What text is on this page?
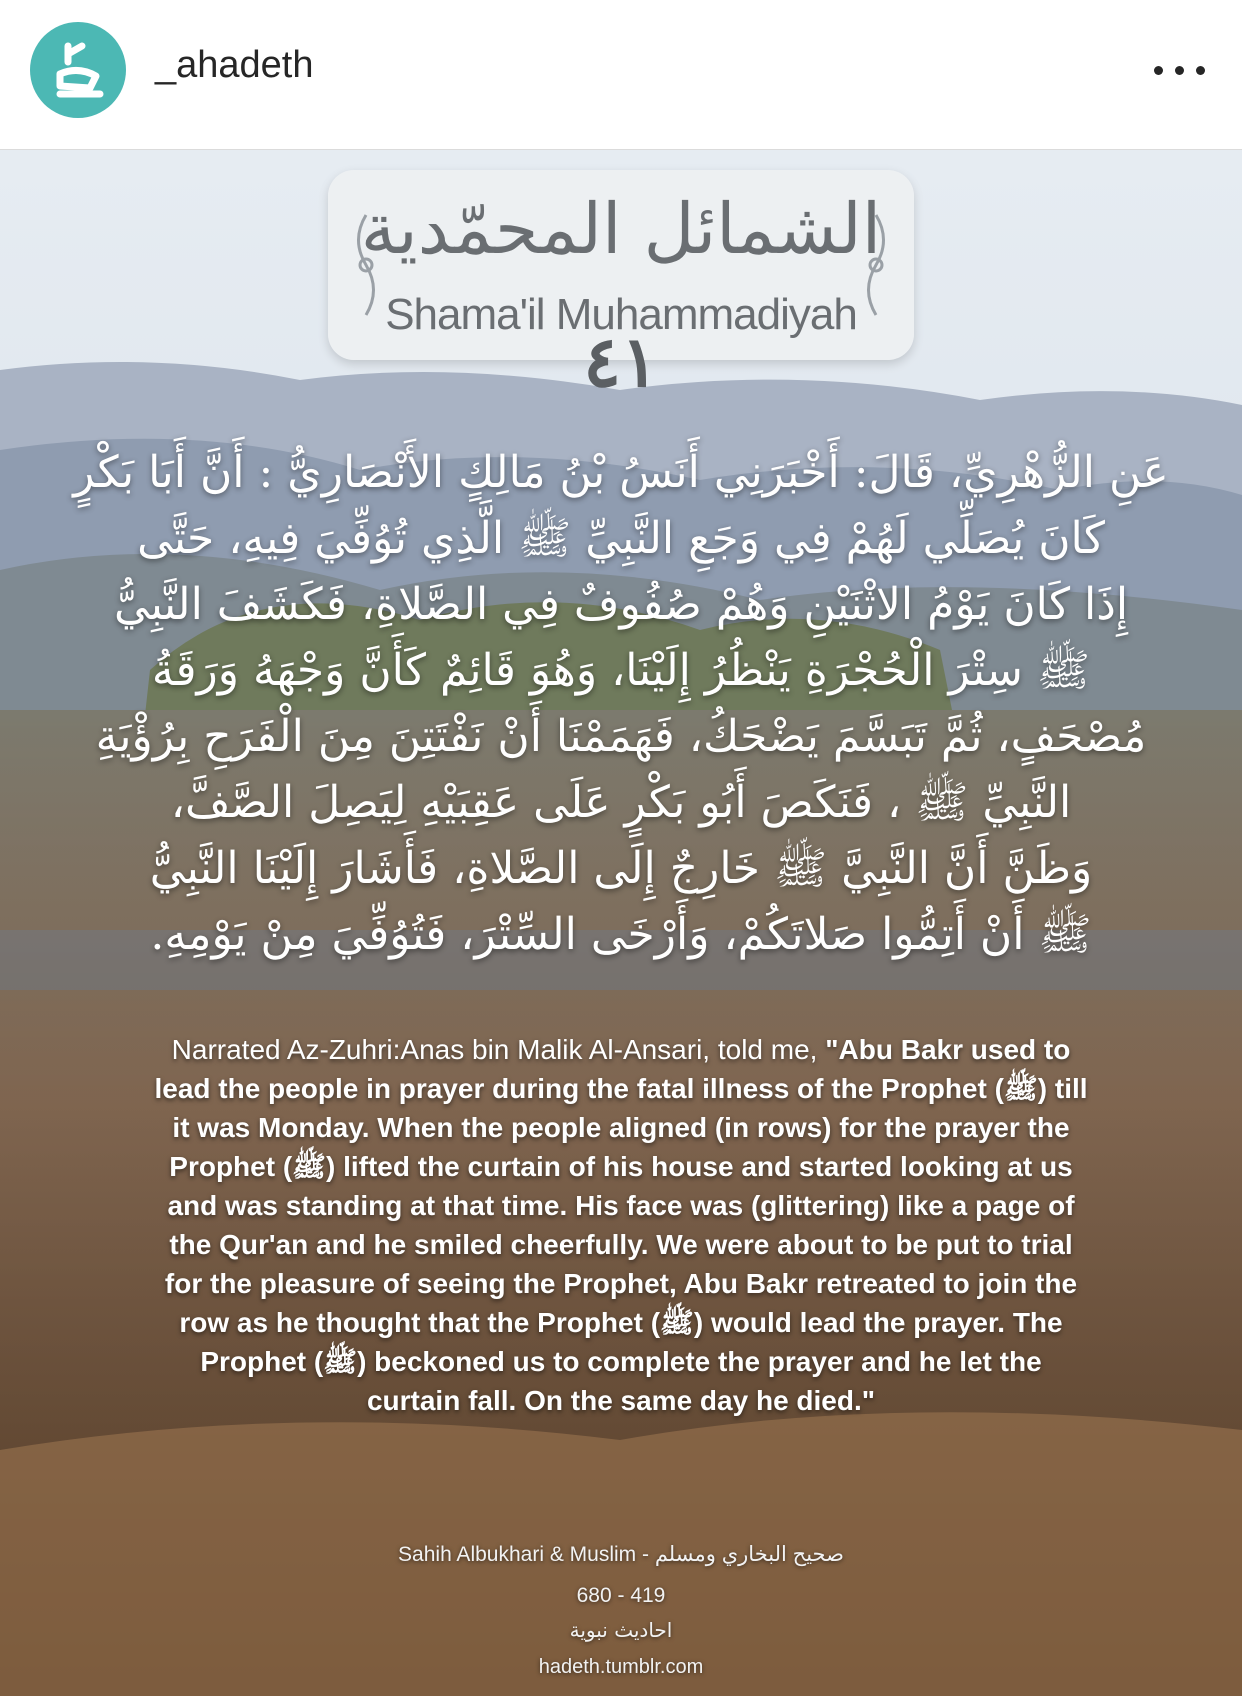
_ahadeth
الشمائل المحمّدية
Shama'il Muhammadiyah
٤١
عَنِ الزُّهْرِيِّ، قَالَ: أَخْبَرَنِي أَنَسُ بْنُ مَالِكٍ الأَنْصَارِيُّ : أَنَّ أَبَا بَكْرٍ
كَانَ يُصَلِّي لَهُمْ فِي وَجَعِ النَّبِيِّ ﷺ الَّذِي تُوُفِّيَ فِيهِ، حَتَّى
إِذَا كَانَ يَوْمُ الاثْنَيْنِ وَهُمْ صُفُوفٌ فِي الصَّلاةِ، فَكَشَفَ النَّبِيُّ
ﷺ سِتْرَ الْحُجْرَةِ يَنْظُرُ إِلَيْنَا، وَهُوَ قَائِمٌ كَأَنَّ وَجْهَهُ وَرَقَةُ
مُصْحَفٍ، ثُمَّ تَبَسَّمَ يَضْحَكُ، فَهَمَمْنَا أَنْ نَفْتَتِنَ مِنَ الْفَرَحِ بِرُؤْيَةِ
النَّبِيِّ ﷺ ، فَنَكَصَ أَبُو بَكْرٍ عَلَى عَقِبَيْهِ لِيَصِلَ الصَّفَّ،
وَظَنَّ أَنَّ النَّبِيَّ ﷺ خَارِجٌ إِلَى الصَّلاةِ، فَأَشَارَ إِلَيْنَا النَّبِيُّ
ﷺ أَنْ أَتِمُّوا صَلاتَكُمْ، وَأَرْخَى السِّتْرَ، فَتُوُفِّيَ مِنْ يَوْمِهِ.
Narrated Az-Zuhri:Anas bin Malik Al-Ansari, told me, "Abu Bakr used to
lead the people in prayer during the fatal illness of the Prophet (ﷺ) till
it was Monday. When the people aligned (in rows) for the prayer the
Prophet (ﷺ) lifted the curtain of his house and started looking at us
and was standing at that time. His face was (glittering) like a page of
the Qur'an and he smiled cheerfully. We were about to be put to trial
for the pleasure of seeing the Prophet, Abu Bakr retreated to join the
row as he thought that the Prophet (ﷺ) would lead the prayer. The
Prophet (ﷺ) beckoned us to complete the prayer and he let the
curtain fall. On the same day he died."
Sahih Albukhari & Muslim - صحيح البخاري ومسلم
680 - 419
احاديث نبوية
hadeth.tumblr.com
